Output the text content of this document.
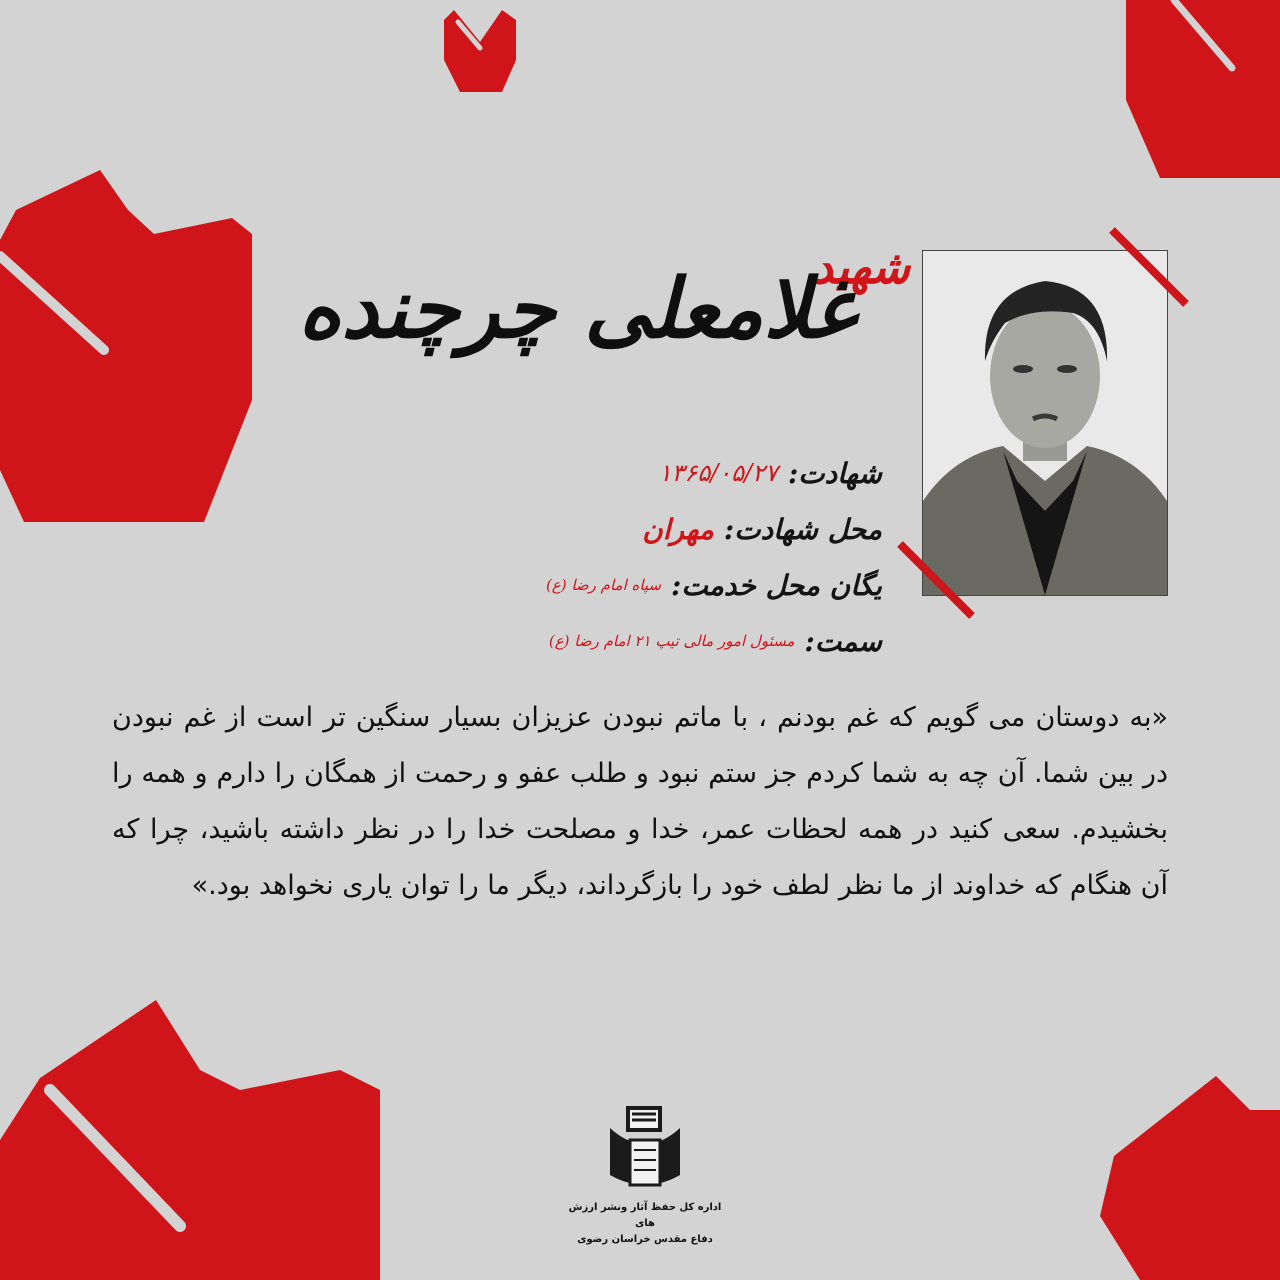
شهید
غلامعلی چرچنده
شهادت:
۱۳۶۵/۰۵/۲۷
محل شهادت:
مهران
یگان محل خدمت:
سپاه امام رضا (ع)
سمت:
مسئول امور مالی تیپ ۲۱ امام رضا (ع)
«به دوستان می گویم که غم بودنم ، با ماتم نبودن عزیزان بسیار سنگین تر است از غم نبودن در بین شما. آن چه به شما کردم جز ستم نبود و طلب عفو و رحمت از همگان را دارم و همه را بخشیدم. سعی کنید در همه لحظات عمر، خدا و مصلحت خدا را در نظر داشته باشید، چرا که آن هنگام که خداوند از ما نظر لطف خود را بازگرداند، دیگر ما را توان یاری نخواهد بود.»
اداره کل حفظ آثار ونشر ارزش های
دفاع مقدس خراسان رضوی
